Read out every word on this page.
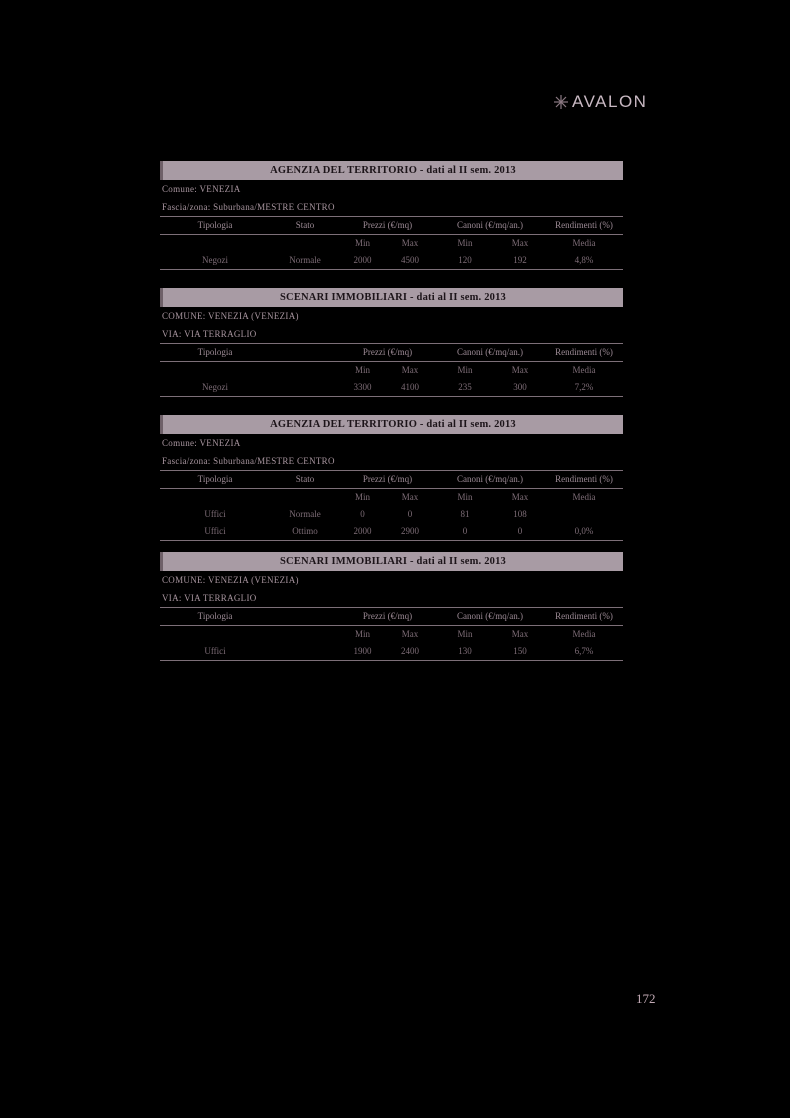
AVALON
AGENZIA DEL TERRITORIO - dati al II sem. 2013
Comune: VENEZIA
Fascia/zona: Suburbana/MESTRE CENTRO
Tipologia	Stato	Prezzi (€/mq)	Canoni (€/mq/an.)	Rendimenti (%)
Min	Max	Min	Max	Media
Negozi	Normale	2000	4500	120	192	4,8%
SCENARI IMMOBILIARI - dati al II sem. 2013
COMUNE: VENEZIA (VENEZIA)
VIA: VIA TERRAGLIO
Tipologia	Prezzi (€/mq)	Canoni (€/mq/an.)	Rendimenti (%)
Min	Max	Min	Max	Media
Negozi	3300	4100	235	300	7,2%
AGENZIA DEL TERRITORIO - dati al II sem. 2013
Comune: VENEZIA
Fascia/zona: Suburbana/MESTRE CENTRO
Tipologia	Stato	Prezzi (€/mq)	Canoni (€/mq/an.)	Rendimenti (%)
Min	Max	Min	Max	Media
Uffici	Normale	0	0	81	108
Uffici	Ottimo	2000	2900	0	0	0,0%
SCENARI IMMOBILIARI - dati al II sem. 2013
COMUNE: VENEZIA (VENEZIA)
VIA: VIA TERRAGLIO
Tipologia	Prezzi (€/mq)	Canoni (€/mq/an.)	Rendimenti (%)
Min	Max	Min	Max	Media
Uffici	1900	2400	130	150	6,7%
172
